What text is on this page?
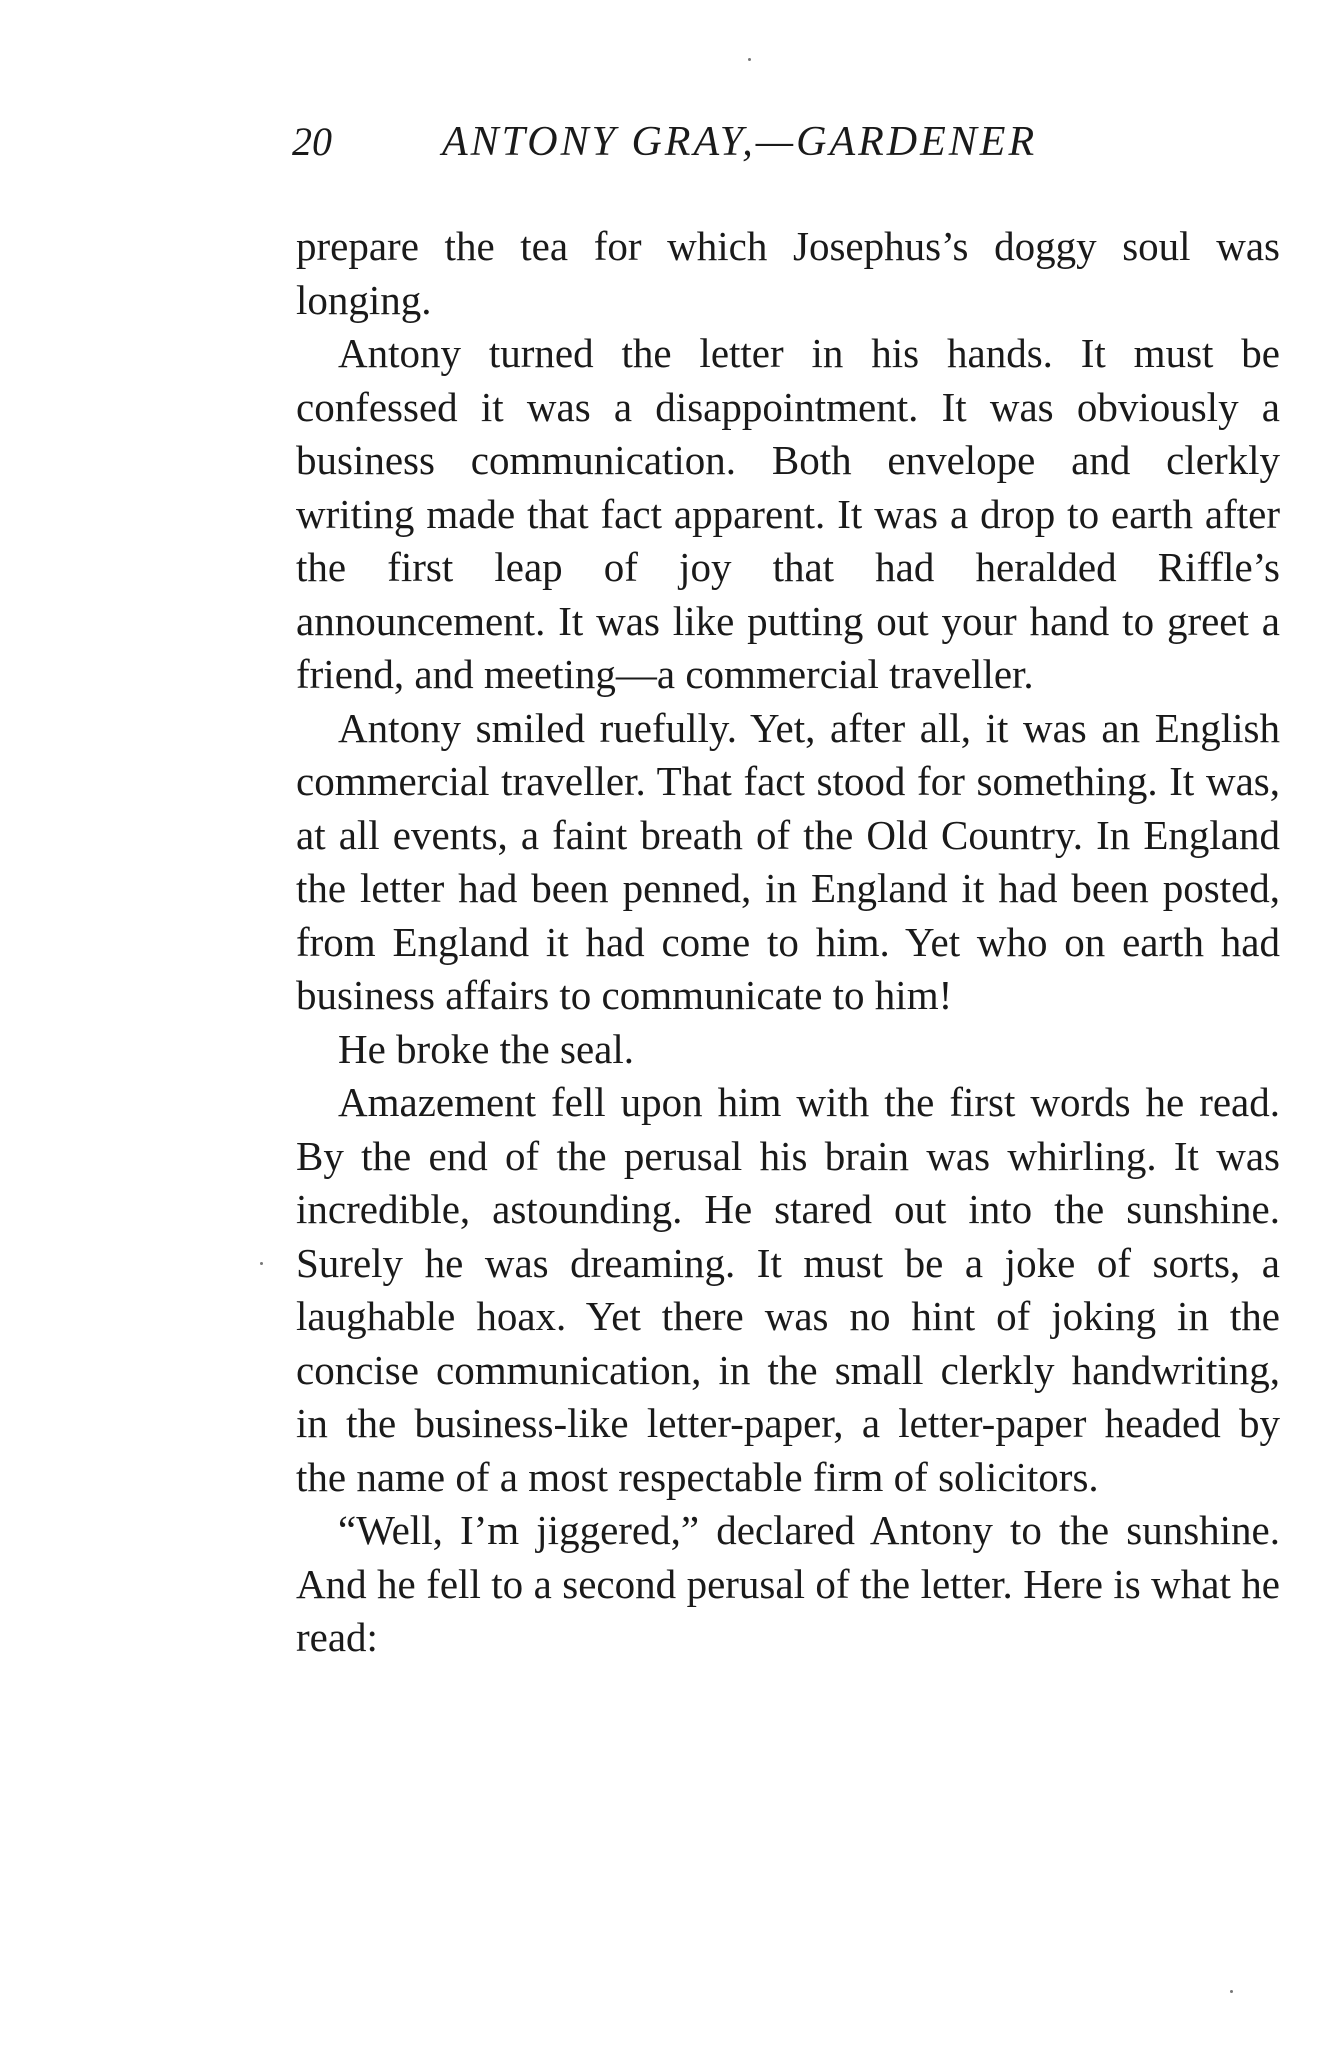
20	ANTONY GRAY,—GARDENER

prepare the tea for which Josephus’s doggy soul was longing.

Antony turned the letter in his hands. It must be confessed it was a disappointment. It was obviously a business communication. Both envelope and clerkly writing made that fact apparent. It was a drop to earth after the first leap of joy that had heralded Riffle’s announcement. It was like putting out your hand to greet a friend, and meeting—a commercial traveller.

Antony smiled ruefully. Yet, after all, it was an English commercial traveller. That fact stood for something. It was, at all events, a faint breath of the Old Country. In England the letter had been penned, in England it had been posted, from England it had come to him. Yet who on earth had business affairs to communicate to him!

He broke the seal.

Amazement fell upon him with the first words he read. By the end of the perusal his brain was whirling. It was incredible, astounding. He stared out into the sunshine. Surely he was dreaming. It must be a joke of sorts, a laughable hoax. Yet there was no hint of joking in the concise communication, in the small clerkly handwriting, in the business-like letter-paper, a letter-paper headed by the name of a most respectable firm of solicitors.

“Well, I’m jiggered,” declared Antony to the sunshine. And he fell to a second perusal of the letter. Here is what he read:
